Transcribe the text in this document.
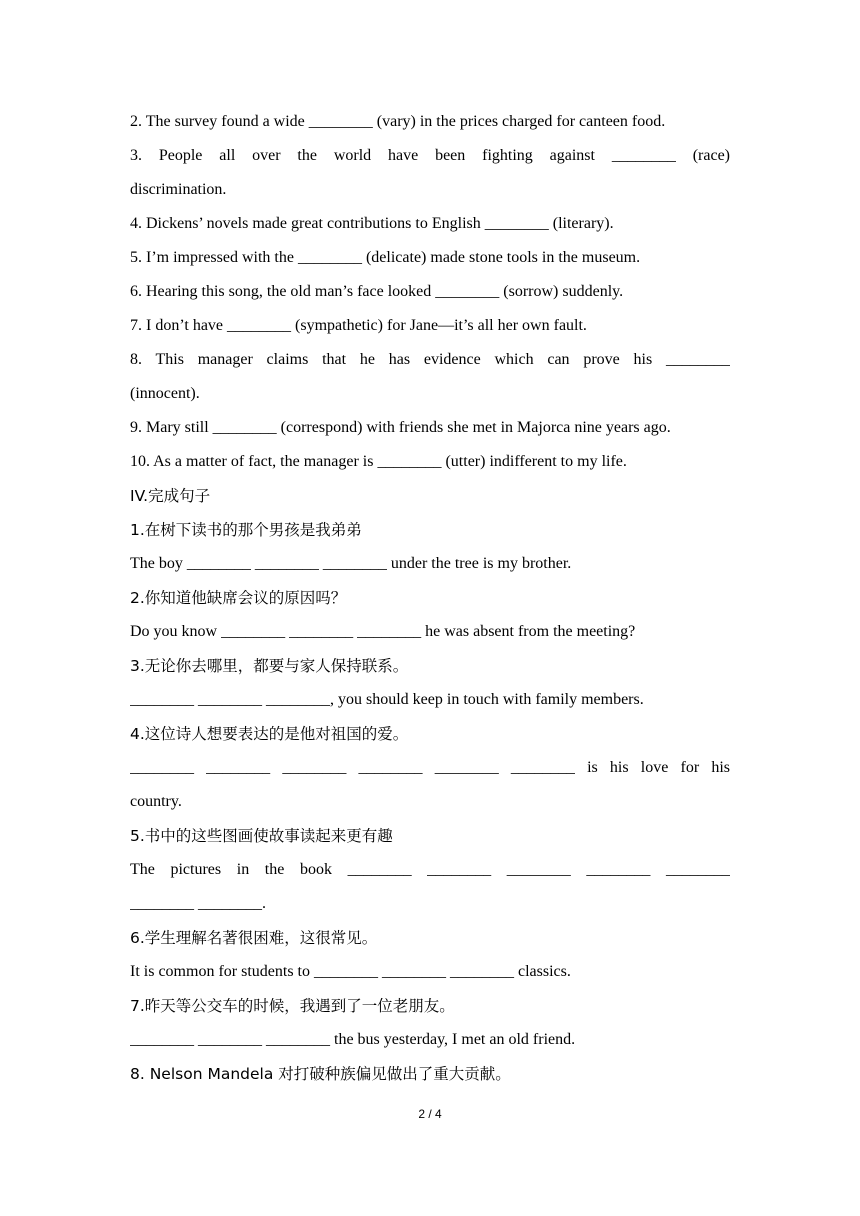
2. The survey found a wide ________ (vary) in the prices charged for canteen food.
3. People all over the world have been fighting against ________ (race)
discrimination.
4. Dickens’ novels made great contributions to English ________ (literary).
5. I’m impressed with the ________ (delicate) made stone tools in the museum.
6. Hearing this song, the old man’s face looked ________ (sorrow) suddenly.
7. I don’t have ________ (sympathetic) for Jane—it’s all her own fault.
8. This manager claims that he has evidence which can prove his ________
(innocent).
9. Mary still ________ (correspond) with friends she met in Majorca nine years ago.
10. As a matter of fact, the manager is ________ (utter) indifferent to my life.
IV.完成句子
1.在树下读书的那个男孩是我弟弟
The boy ________ ________ ________ under the tree is my brother.
2.你知道他缺席会议的原因吗？
Do you know ________ ________ ________ he was absent from the meeting?
3.无论你去哪里，都要与家人保持联系。
________ ________ ________, you should keep in touch with family members.
4.这位诗人想要表达的是他对祖国的爱。
________ ________ ________ ________ ________ ________ is his love for his
country.
5.书中的这些图画使故事读起来更有趣
The pictures in the book ________ ________ ________ ________ ________
________ ________.
6.学生理解名著很困难，这很常见。
It is common for students to ________ ________ ________ classics.
7.昨天等公交车的时候，我遇到了一位老朋友。
________ ________ ________ the bus yesterday, I met an old friend.
8. Nelson Mandela 对打破种族偏见做出了重大贡献。
2 / 4
